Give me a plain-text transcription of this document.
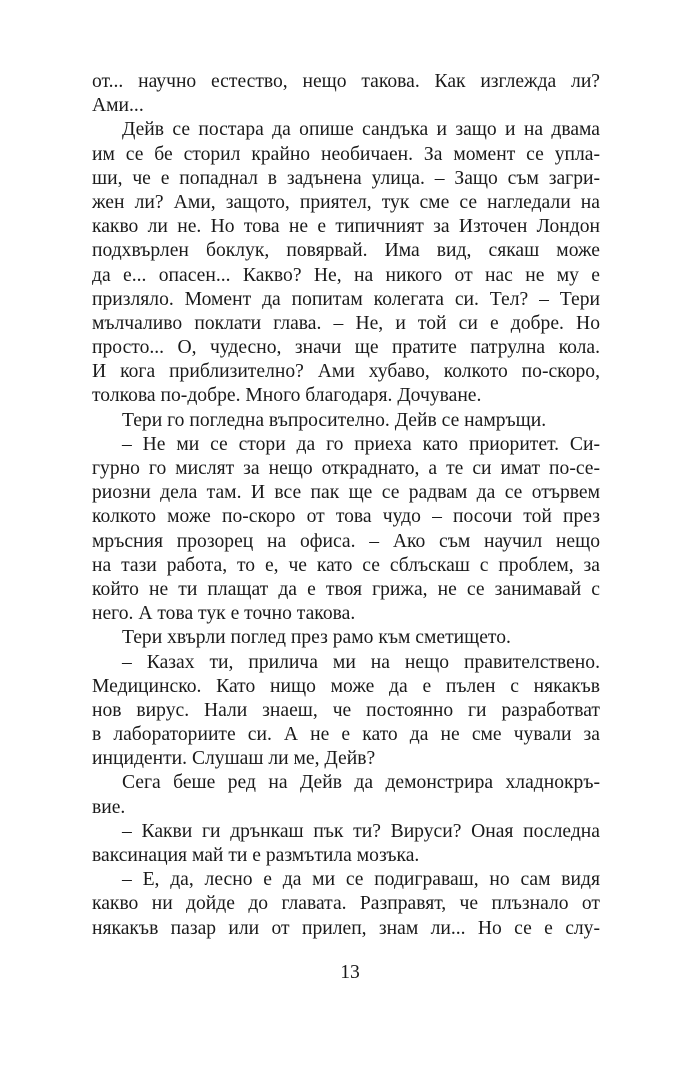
от... научно естество, нещо такова. Как изглежда ли?
Ами...
Дейв се постара да опише сандъка и защо и на двама
им се бе сторил крайно необичаен. За момент се упла-
ши, че е попаднал в задънена улица. – Защо съм загри-
жен ли? Ами, защото, приятел, тук сме се нагледали на
какво ли не. Но това не е типичният за Източен Лондон
подхвърлен боклук, повярвай. Има вид, сякаш може
да е... опасен... Какво? Не, на никого от нас не му е
призляло. Момент да попитам колегата си. Тел? – Тери
мълчаливо поклати глава. – Не, и той си е добре. Но
просто... О, чудесно, значи ще пратите патрулна кола.
И кога приблизително? Ами хубаво, колкото по-скоро,
толкова по-добре. Много благодаря. Дочуване.
Тери го погледна въпросително. Дейв се намръщи.
– Не ми се стори да го приеха като приоритет. Си-
гурно го мислят за нещо откраднато, а те си имат по-се-
риозни дела там. И все пак ще се радвам да се отървем
колкото може по-скоро от това чудо – посочи той през
мръсния прозорец на офиса. – Ако съм научил нещо
на тази работа, то е, че като се сблъскаш с проблем, за
който не ти плащат да е твоя грижа, не се занимавай с
него. А това тук е точно такова.
Тери хвърли поглед през рамо към сметището.
– Казах ти, прилича ми на нещо правителствено.
Медицинско. Като нищо може да е пълен с някакъв
нов вирус. Нали знаеш, че постоянно ги разработват
в лабораториите си. А не е като да не сме чували за
инциденти. Слушаш ли ме, Дейв?
Сега беше ред на Дейв да демонстрира хладнокръ-
вие.
– Какви ги дрънкаш пък ти? Вируси? Оная последна
ваксинация май ти е размътила мозъка.
– Е, да, лесно е да ми се подиграваш, но сам видя
какво ни дойде до главата. Разправят, че плъзнало от
някакъв пазар или от прилеп, знам ли... Но се е слу-
13
